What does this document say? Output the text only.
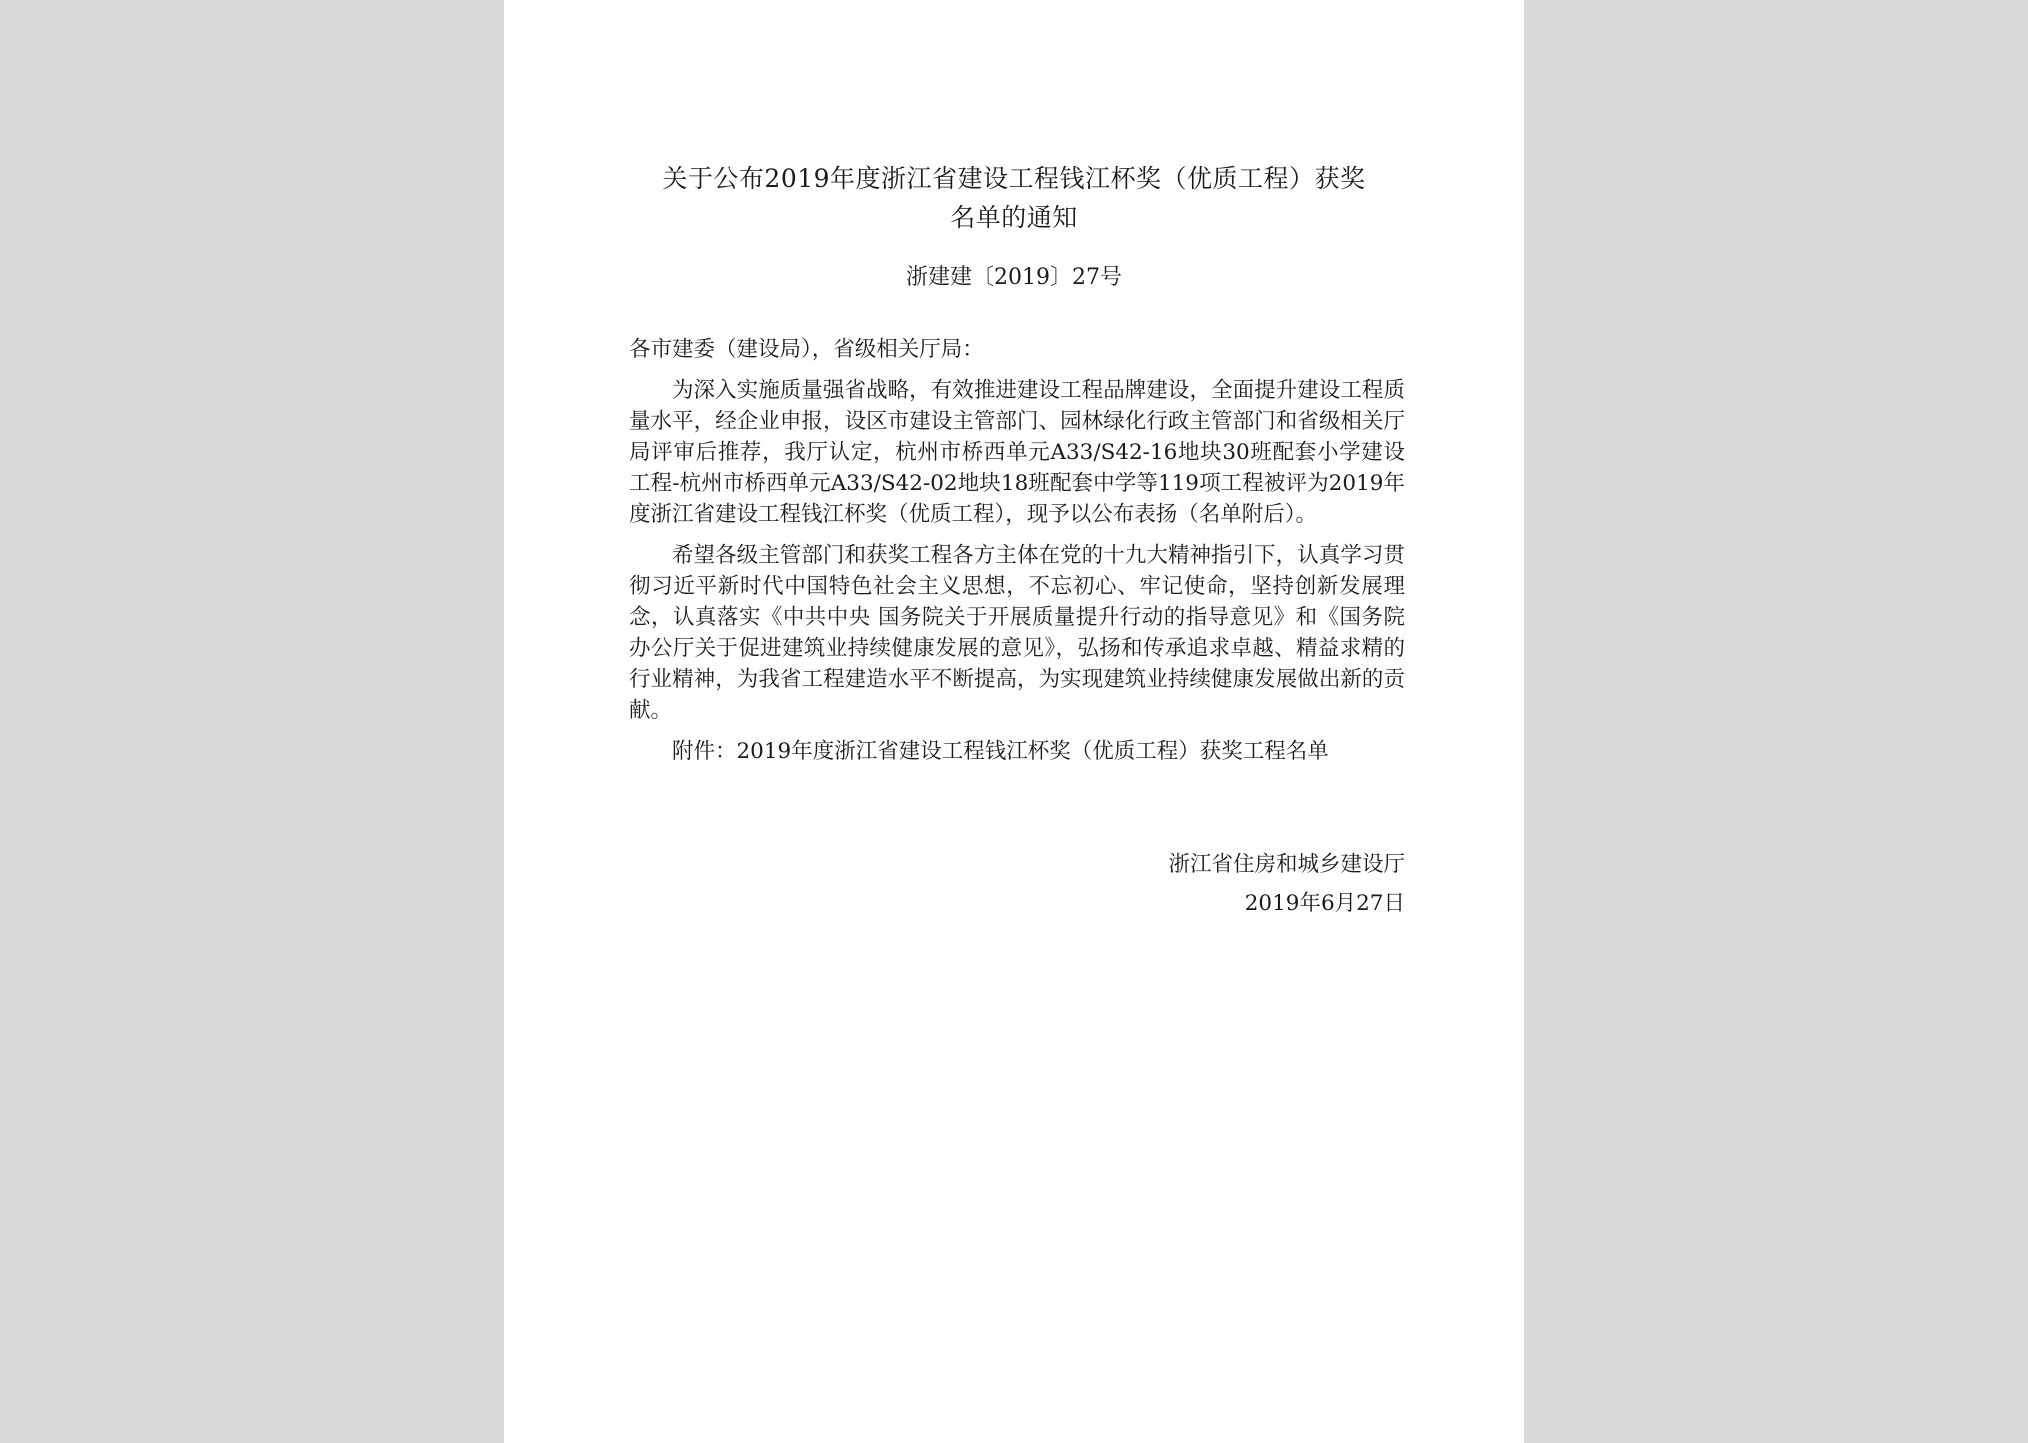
关于公布2019年度浙江省建设工程钱江杯奖（优质工程）获奖
名单的通知
浙建建〔2019〕27号

各市建委（建设局），省级相关厅局：

为深入实施质量强省战略，有效推进建设工程品牌建设，全面提升建设工程质量水平，经企业申报，设区市建设主管部门、园林绿化行政主管部门和省级相关厅局评审后推荐，我厅认定，杭州市桥西单元A33/S42-16地块30班配套小学建设工程-杭州市桥西单元A33/S42-02地块18班配套中学等119项工程被评为2019年度浙江省建设工程钱江杯奖（优质工程），现予以公布表扬（名单附后）。

希望各级主管部门和获奖工程各方主体在党的十九大精神指引下，认真学习贯彻习近平新时代中国特色社会主义思想，不忘初心、牢记使命，坚持创新发展理念，认真落实《中共中央 国务院关于开展质量提升行动的指导意见》和《国务院办公厅关于促进建筑业持续健康发展的意见》，弘扬和传承追求卓越、精益求精的行业精神，为我省工程建造水平不断提高，为实现建筑业持续健康发展做出新的贡献。

附件：2019年度浙江省建设工程钱江杯奖（优质工程）获奖工程名单

浙江省住房和城乡建设厅
2019年6月27日
